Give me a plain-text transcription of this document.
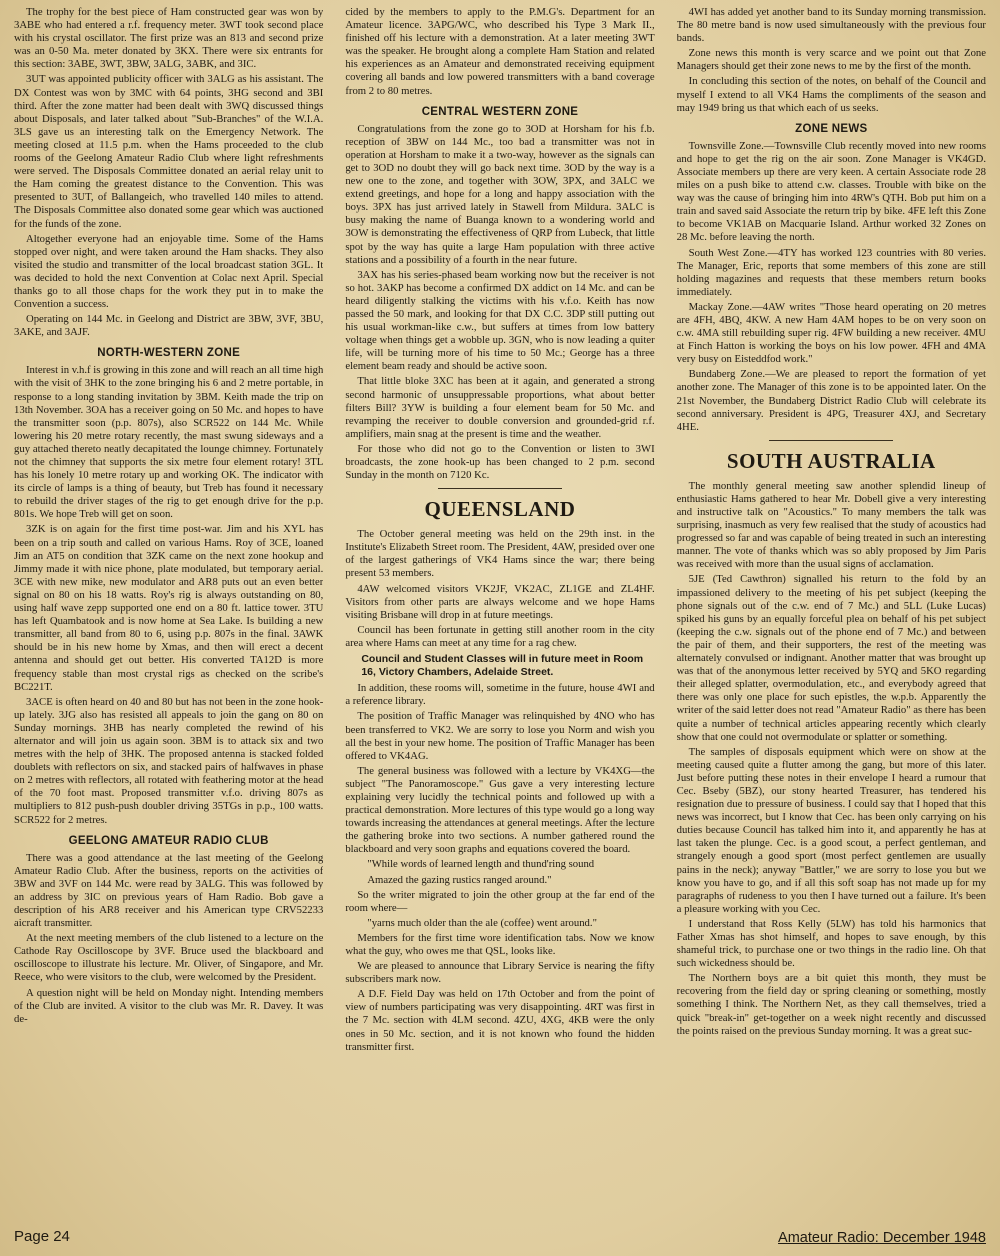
The trophy for the best piece of Ham constructed gear was won by 3ABE who had entered a r.f. frequency meter. 3WT took second place with his crystal oscillator. The first prize was an 813 and second prize was an 0-50 Ma. meter donated by 3KX. There were six entrants for this section: 3ABE, 3WT, 3BW, 3ALG, 3ABK, and 3IC.

3UT was appointed publicity officer with 3ALG as his assistant. The DX Contest was won by 3MC with 64 points, 3HG second and 3BI third. After the zone matter had been dealt with 3WQ discussed things about Disposals, and later talked about "Sub-Branches" of the W.I.A. 3LS gave us an interesting talk on the Emergency Network. The meeting closed at 11.5 p.m. when the Hams proceeded to the club rooms of the Geelong Amateur Radio Club where light refreshments were served. The Disposals Committee donated an aerial relay unit to the Ham coming the greatest distance to the Convention. This was presented to 3UT, of Ballangeich, who travelled 140 miles to attend. The Disposals Committee also donated some gear which was auctioned for the funds of the zone.

Altogether everyone had an enjoyable time. Some of the Hams stopped over night, and were taken around the Ham shacks. They also visited the studio and transmitter of the local broadcast station 3GL. It was decided to hold the next Convention at Colac next April. Special thanks go to all those chaps for the work they put in to make the Convention a success.

Operating on 144 Mc. in Geelong and District are 3BW, 3VF, 3BU, 3AKE, and 3AJF.

NORTH-WESTERN ZONE

Interest in v.h.f is growing in this zone and will reach an all time high with the visit of 3HK to the zone bringing his 6 and 2 metre portable, in response to a long standing invitation by 3BM. Keith made the trip on 13th November. 3OA has a receiver going on 50 Mc. and hopes to have the transmitter soon (p.p. 807s), also SCR522 on 144 Mc. While lowering his 20 metre rotary recently, the mast swung sideways and a guy attached thereto neatly decapitated the lounge chimney. Fortunately not the chimney that supports the six metre four element rotary! 3TL has his lonely 10 metre rotary up and working OK. The indicator with its circle of lamps is a thing of beauty, but Treb has found it necessary to rebuild the driver stages of the rig to get enough drive for the p.p. 801s. We hope Treb will get on soon.

3ZK is on again for the first time post-war. Jim and his XYL has been on a trip south and called on various Hams. Roy of 3CE, loaned Jim an AT5 on condition that 3ZK came on the next zone hookup and Jimmy made it with nice phone, plate modulated, but temporary aerial. 3CE with new mike, new modulator and AR8 puts out an even better signal on 80 on his 18 watts. Roy's rig is always outstanding on 80, using half wave zepp supported one end on a 80 ft. lattice tower. 3TU has left Quambatook and is now home at Sea Lake. Is building a new transmitter, all band from 80 to 6, using p.p. 807s in the final. 3AWK should be in his new home by Xmas, and then will erect a decent antenna and should get out better. His converted TA12D is more frequency stable than most crystal rigs as checked on the scribe's BC221T.

3ACE is often heard on 40 and 80 but has not been in the zone hook-up lately. 3JG also has resisted all appeals to join the gang on 80 on Sunday mornings. 3HB has nearly completed the rewind of his alternator and will join us again soon. 3BM is to attack six and two metres with the help of 3HK. The proposed antenna is stacked folded doublets with reflectors on six, and stacked pairs of halfwaves in phase on 2 metres with reflectors, all rotated with feathering motor at the head of the 70 foot mast. Proposed transmitter v.f.o. driving 807s as multipliers to 812 push-push doubler driving 35TGs in p.p., 100 watts. SCR522 for 2 metres.

GEELONG AMATEUR RADIO CLUB

There was a good attendance at the last meeting of the Geelong Amateur Radio Club. After the business, reports on the activities of 3BW and 3VF on 144 Mc. were read by 3ALG. This was followed by an address by 3IC on previous years of Ham Radio. Bob gave a description of his AR8 receiver and his American type CRV52233 aicraft transmitter.

At the next meeting members of the club listened to a lecture on the Cathode Ray Oscilloscope by 3VF. Bruce used the blackboard and oscilloscope to illustrate his lecture. Mr. Oliver, of Singapore, and Mr. Reece, who were visitors to the club, were welcomed by the President.

A question night will be held on Monday night. Intending members of the Club are invited. A visitor to the club was Mr. R. Davey. It was de-

cided by the members to apply to the P.M.G's. Department for an Amateur licence. 3APG/WC, who described his Type 3 Mark II., finished off his lecture with a demonstration. At a later meeting 3WT was the speaker. He brought along a complete Ham Station and related his experiences as an Amateur and demonstrated receiving equipment covering all bands and low powered transmitters with a band coverage from 2 to 80 metres.

CENTRAL WESTERN ZONE

Congratulations from the zone go to 3OD at Horsham for his f.b. reception of 3BW on 144 Mc., too bad a transmitter was not in operation at Horsham to make it a two-way, however as the signals can get to 3OD no doubt they will go back next time. 3OD by the way is a new one to the zone, and together with 3OW, 3PX, and 3ALC we extend greetings, and hope for a long and happy association with the boys. 3PX has just arrived lately in Stawell from Mildura. 3ALC is busy making the name of Buanga known to a wondering world and 3OW is demonstrating the effectiveness of QRP from Lubeck, that little spot by the way has quite a large Ham population with three active stations and a possibility of a fourth in the near future.

3AX has his series-phased beam working now but the receiver is not so hot. 3AKP has become a confirmed DX addict on 14 Mc. and can be heard diligently stalking the victims with his v.f.o. Keith has now passed the 50 mark, and looking for that DX C.C. 3DP still putting out his usual workman-like c.w., but suffers at times from low battery voltage when things get a wobble up. 3GN, who is now leading a quiter life, will be turning more of his time to 50 Mc.; George has a three element beam ready and should be active soon.

That little bloke 3XC has been at it again, and generated a strong second harmonic of unsuppressable proportions, what about better filters Bill? 3YW is building a four element beam for 50 Mc. and revamping the receiver to double conversion and grounded-grid r.f. amplifiers, main snag at the present is time and the weather.

For those who did not go to the Convention or listen to 3WI broadcasts, the zone hook-up has been changed to 2 p.m. second Sunday in the month on 7120 Kc.

QUEENSLAND

The October general meeting was held on the 29th inst. in the Institute's Elizabeth Street room. The President, 4AW, presided over one of the largest gatherings of VK4 Hams since the war; there being present 53 members.

4AW welcomed visitors VK2JF, VK2AC, ZL1GE and ZL4HF. Visitors from other parts are always welcome and we hope Hams visiting Brisbane will drop in at future meetings.

Council has been fortunate in getting still another room in the city area where Hams can meet at any time for a rag chew.

Council and Student Classes will in future meet in Room 16, Victory Chambers, Adelaide Street.

In addition, these rooms will, sometime in the future, house 4WI and a reference library.

The position of Traffic Manager was relinquished by 4NO who has been transferred to VK2. We are sorry to lose you Norm and wish you all the best in your new home. The position of Traffic Manager has been offered to VK4AG.

The general business was followed with a lecture by VK4XG—the subject "The Panoramoscope." Gus gave a very interesting lecture explaining very lucidly the technical points and followed up with a practical demonstration. More lectures of this type would go a long way towards increasing the attendances at general meetings. After the lecture the gathering broke into two sections. A number gathered round the blackboard and very soon graphs and equations covered the board.

"While words of learned length and thund'ring sound

Amazed the gazing rustics ranged around."

So the writer migrated to join the other group at the far end of the room where—

"yarns much older than the ale (coffee) went around."

Members for the first time wore identification tabs. Now we know what the guy, who owes me that QSL, looks like.

We are pleased to announce that Library Service is nearing the fifty subscribers mark now.

A D.F. Field Day was held on 17th October and from the point of view of numbers participating was very disappointing. 4RT was first in the 7 Mc. section with 4LM second. 4ZU, 4XG, 4KB were the only ones in 50 Mc. section, and it is not known who found the hidden transmitter first.

4WI has added yet another band to its Sunday morning transmission. The 80 metre band is now used simultaneously with the previous four bands.

Zone news this month is very scarce and we point out that Zone Managers should get their zone news to me by the first of the month.

In concluding this section of the notes, on behalf of the Council and myself I extend to all VK4 Hams the compliments of the season and may 1949 bring us that which each of us seeks.

ZONE NEWS

Townsville Zone.—Townsville Club recently moved into new rooms and hope to get the rig on the air soon. Zone Manager is VK4GD. Associate members up there are very keen. A certain Associate rode 28 miles on a push bike to attend c.w. classes. Trouble with bike on the way was the cause of bringing him into 4RW's QTH. Bob put him on a train and saved said Associate the return trip by bike. 4FE left this Zone to become VK1AB on Macquarie Island. Arthur worked 32 Zones on 28 Mc. before leaving the north.

South West Zone.—4TY has worked 123 countries with 80 veries. The Manager, Eric, reports that some members of this zone are still holding magazines and requests that these members return books immediately.

Mackay Zone.—4AW writes "Those heard operating on 20 metres are 4FH, 4BQ, 4KW. A new Ham 4AM hopes to be on very soon on c.w. 4MA still rebuilding super rig. 4FW building a new receiver. 4MU at Finch Hatton is working the boys on his low power. 4FH and 4MA very busy on Eisteddfod work."

Bundaberg Zone.—We are pleased to report the formation of yet another zone. The Manager of this zone is to be appointed later. On the 21st November, the Bundaberg District Radio Club will celebrate its second anniversary. President is 4PG, Treasurer 4XJ, and Secretary 4HE.

SOUTH AUSTRALIA

The monthly general meeting saw another splendid lineup of enthusiastic Hams gathered to hear Mr. Dobell give a very interesting and instructive talk on "Acoustics." To many members the talk was surprising, inasmuch as very few realised that the study of acoustics had progressed so far and was capable of being treated in such an interesting manner. The vote of thanks which was so ably proposed by Jim Paris was received with more than the usual signs of acclamation.

5JE (Ted Cawthron) signalled his return to the fold by an impassioned delivery to the meeting of his pet subject (keeping the phone signals out of the c.w. end of 7 Mc.) and 5LL (Luke Lucas) spiked his guns by an equally forceful plea on behalf of his pet subject (keeping the c.w. signals out of the phone end of 7 Mc.) and between the pair of them, and their supporters, the rest of the meeting was alternately convulsed or indignant. Another matter that was brought up was that of the anonymous letter received by 5YQ and 5KO regarding their alleged splatter, overmodulation, etc., and everybody agreed that there was only one place for such epistles, the w.p.b. Apparently the writer of the said letter does not read "Amateur Radio" as there has been quite a number of technical articles appearing recently which clearly show that one could not overmodulate or splatter or something.

The samples of disposals equipment which were on show at the meeting caused quite a flutter among the gang, but more of this later. Just before putting these notes in their envelope I heard a rumour that Cec. Bseby (5BZ), our stony hearted Treasurer, has tendered his resignation due to pressure of business. I could say that I hoped that this news was incorrect, but I know that Cec. has been only carrying on his duties because Council has talked him into it, and apparently he has at last taken the plunge. Cec. is a good scout, a perfect gentleman, and strangely enough a good sport (most perfect gentlemen are usually pains in the neck); anyway "Battler," we are sorry to lose you but we know you have to go, and if all this soft soap has not made up for my paragraphs of rudeness to you then I have turned out a failure. It's been a pleasure working with you Cec.

I understand that Ross Kelly (5LW) has told his harmonics that Father Xmas has shot himself, and hopes to save enough, by this shameful trick, to purchase one or two things in the radio line. Oh that such wickedness should be.

The Northern boys are a bit quiet this month, they must be recovering from the field day or spring cleaning or something, mostly something I think. The Northern Net, as they call themselves, tried a quick "break-in" get-together on a week night recently and discussed the points raised on the previous Sunday morning. It was a great suc-

Page 24	Amateur Radio: December 1948
